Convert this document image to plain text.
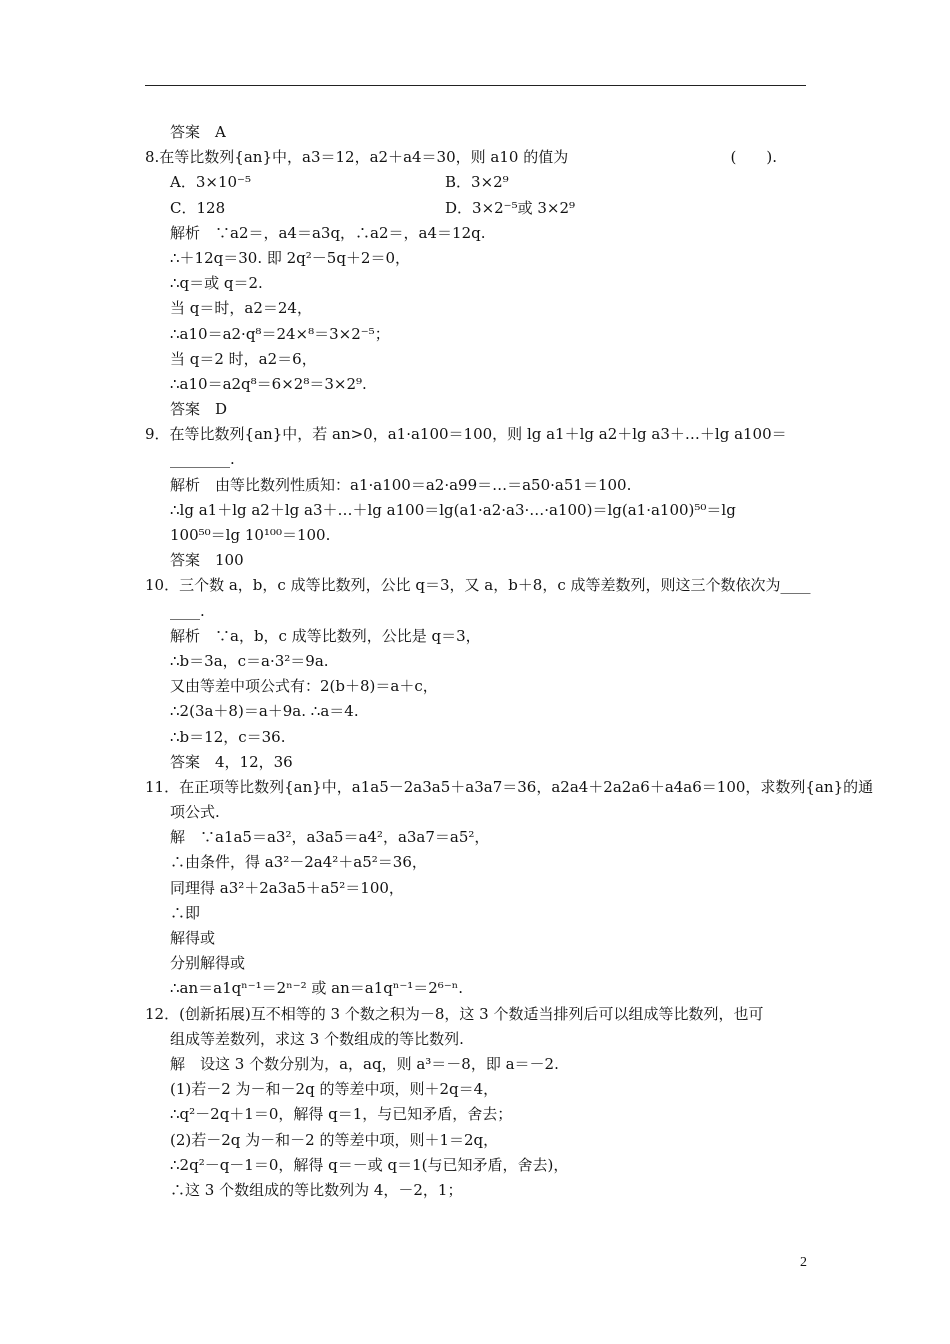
答案　A
8.在等比数列{an}中，a3＝12，a2＋a4＝30，则 a10 的值为	(　　).
A．3×10⁻⁵	B．3×2⁹
C．128	D．3×2⁻⁵或 3×2⁹
解析　∵a2＝，a4＝a3q，∴a2＝，a4＝12q.
∴＋12q＝30. 即 2q²－5q＋2＝0，
∴q＝或 q＝2.
当 q＝时，a2＝24，
∴a10＝a2·q⁸＝24×⁸＝3×2⁻⁵；
当 q＝2 时，a2＝6，
∴a10＝a2q⁸＝6×2⁸＝3×2⁹.
答案　D
9．在等比数列{an}中，若 an>0，a1·a100＝100，则 lg a1＋lg a2＋lg a3＋…＋lg a100＝
________.
解析　由等比数列性质知：a1·a100＝a2·a99＝…＝a50·a51＝100.
∴lg a1＋lg a2＋lg a3＋…＋lg a100＝lg(a1·a2·a3·…·a100)＝lg(a1·a100)⁵⁰＝lg
100⁵⁰＝lg 10¹⁰⁰＝100.
答案　100
10．三个数 a，b，c 成等比数列，公比 q＝3，又 a，b＋8，c 成等差数列，则这三个数依次为____
____.
解析　∵a，b，c 成等比数列，公比是 q＝3，
∴b＝3a，c＝a·3²＝9a.
又由等差中项公式有：2(b＋8)＝a＋c，
∴2(3a＋8)＝a＋9a. ∴a＝4.
∴b＝12，c＝36.
答案　4，12，36
11．在正项等比数列{an}中，a1a5－2a3a5＋a3a7＝36，a2a4＋2a2a6＋a4a6＝100，求数列{an}的通
项公式.
解　∵a1a5＝a3²，a3a5＝a4²，a3a7＝a5²，
∴由条件，得 a3²－2a4²＋a5²＝36，
同理得 a3²＋2a3a5＋a5²＝100，
∴即
解得或
分别解得或
∴an＝a1qⁿ⁻¹＝2ⁿ⁻² 或 an＝a1qⁿ⁻¹＝2⁶⁻ⁿ.
12．(创新拓展)互不相等的 3 个数之积为－8，这 3 个数适当排列后可以组成等比数列，也可
组成等差数列，求这 3 个数组成的等比数列.
解　设这 3 个数分别为，a，aq，则 a³＝－8，即 a＝－2.
(1)若－2 为－和－2q 的等差中项，则＋2q＝4，
∴q²－2q＋1＝0，解得 q＝1，与已知矛盾，舍去；
(2)若－2q 为－和－2 的等差中项，则＋1＝2q，
∴2q²－q－1＝0，解得 q＝－或 q＝1(与已知矛盾，舍去)，
∴这 3 个数组成的等比数列为 4，－2，1；
2
